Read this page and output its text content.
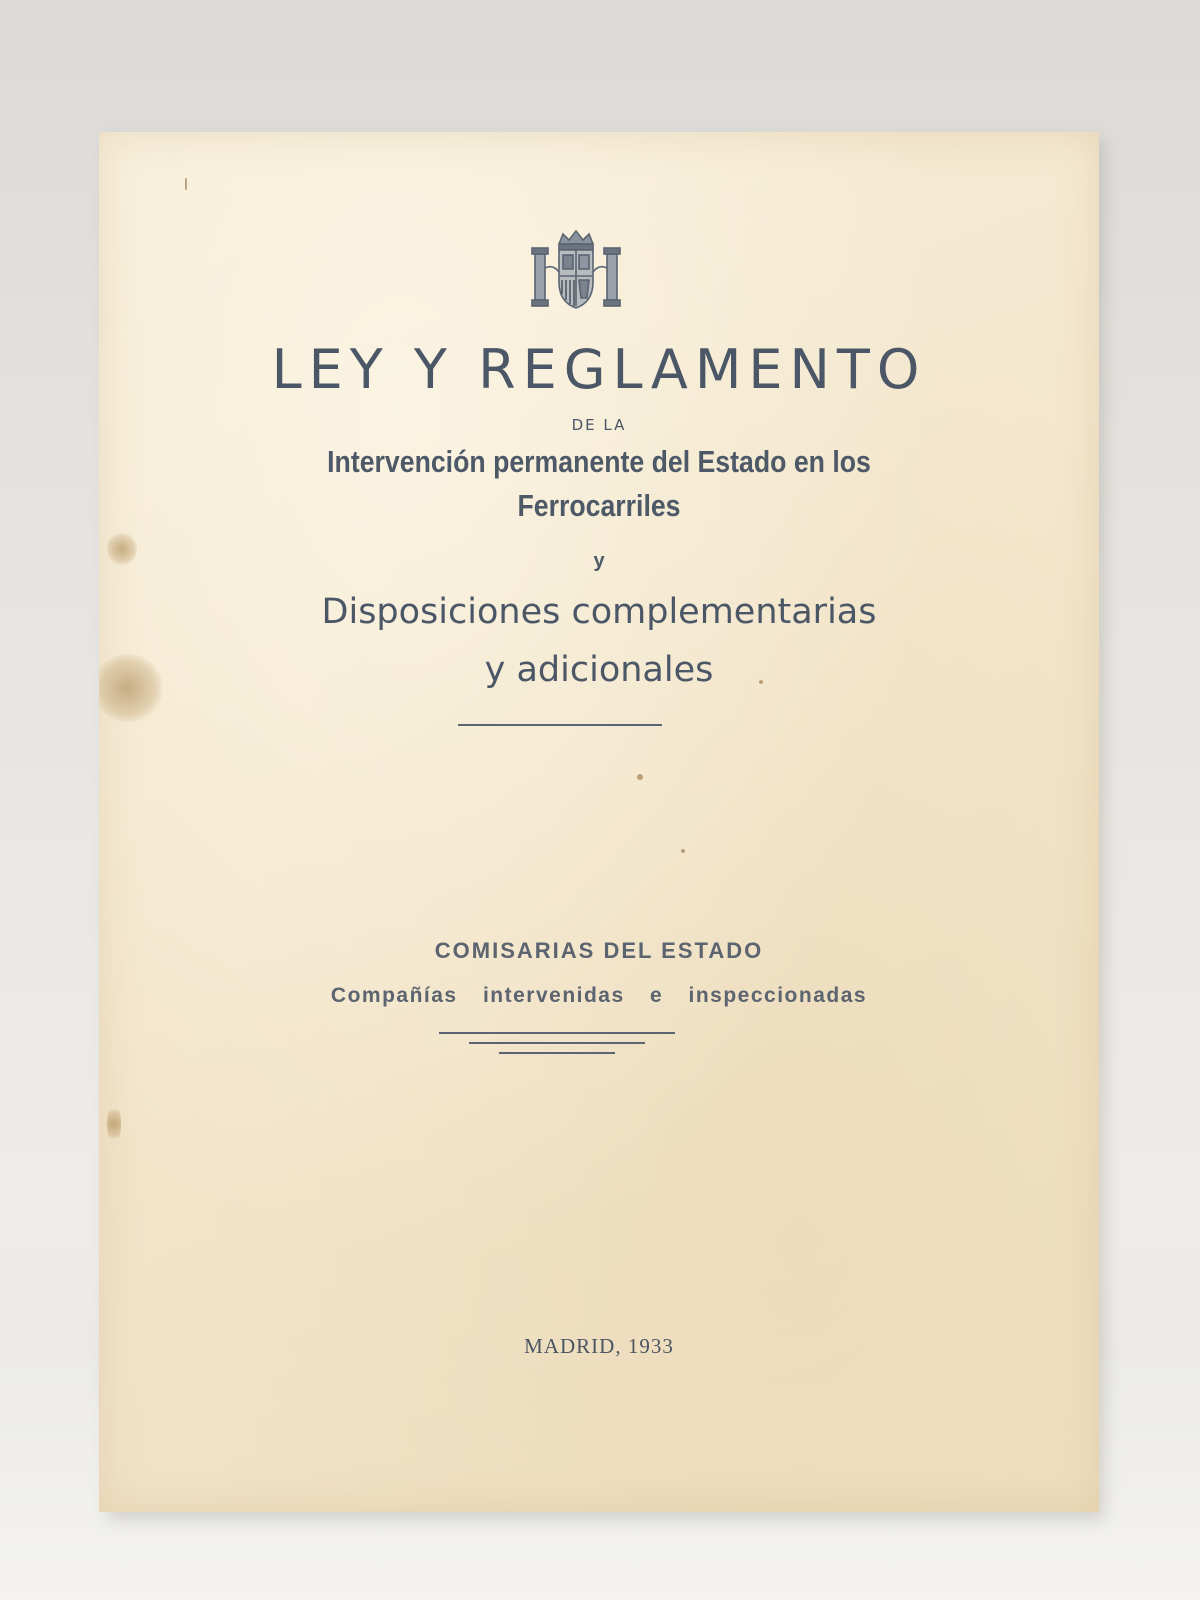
LEY Y REGLAMENTO
DE LA
Intervención permanente del Estado en los
Ferrocarriles
y
Disposiciones complementarias
y adicionales
COMISARIAS DEL ESTADO
Compañías intervenidas e inspeccionadas
MADRID, 1933
